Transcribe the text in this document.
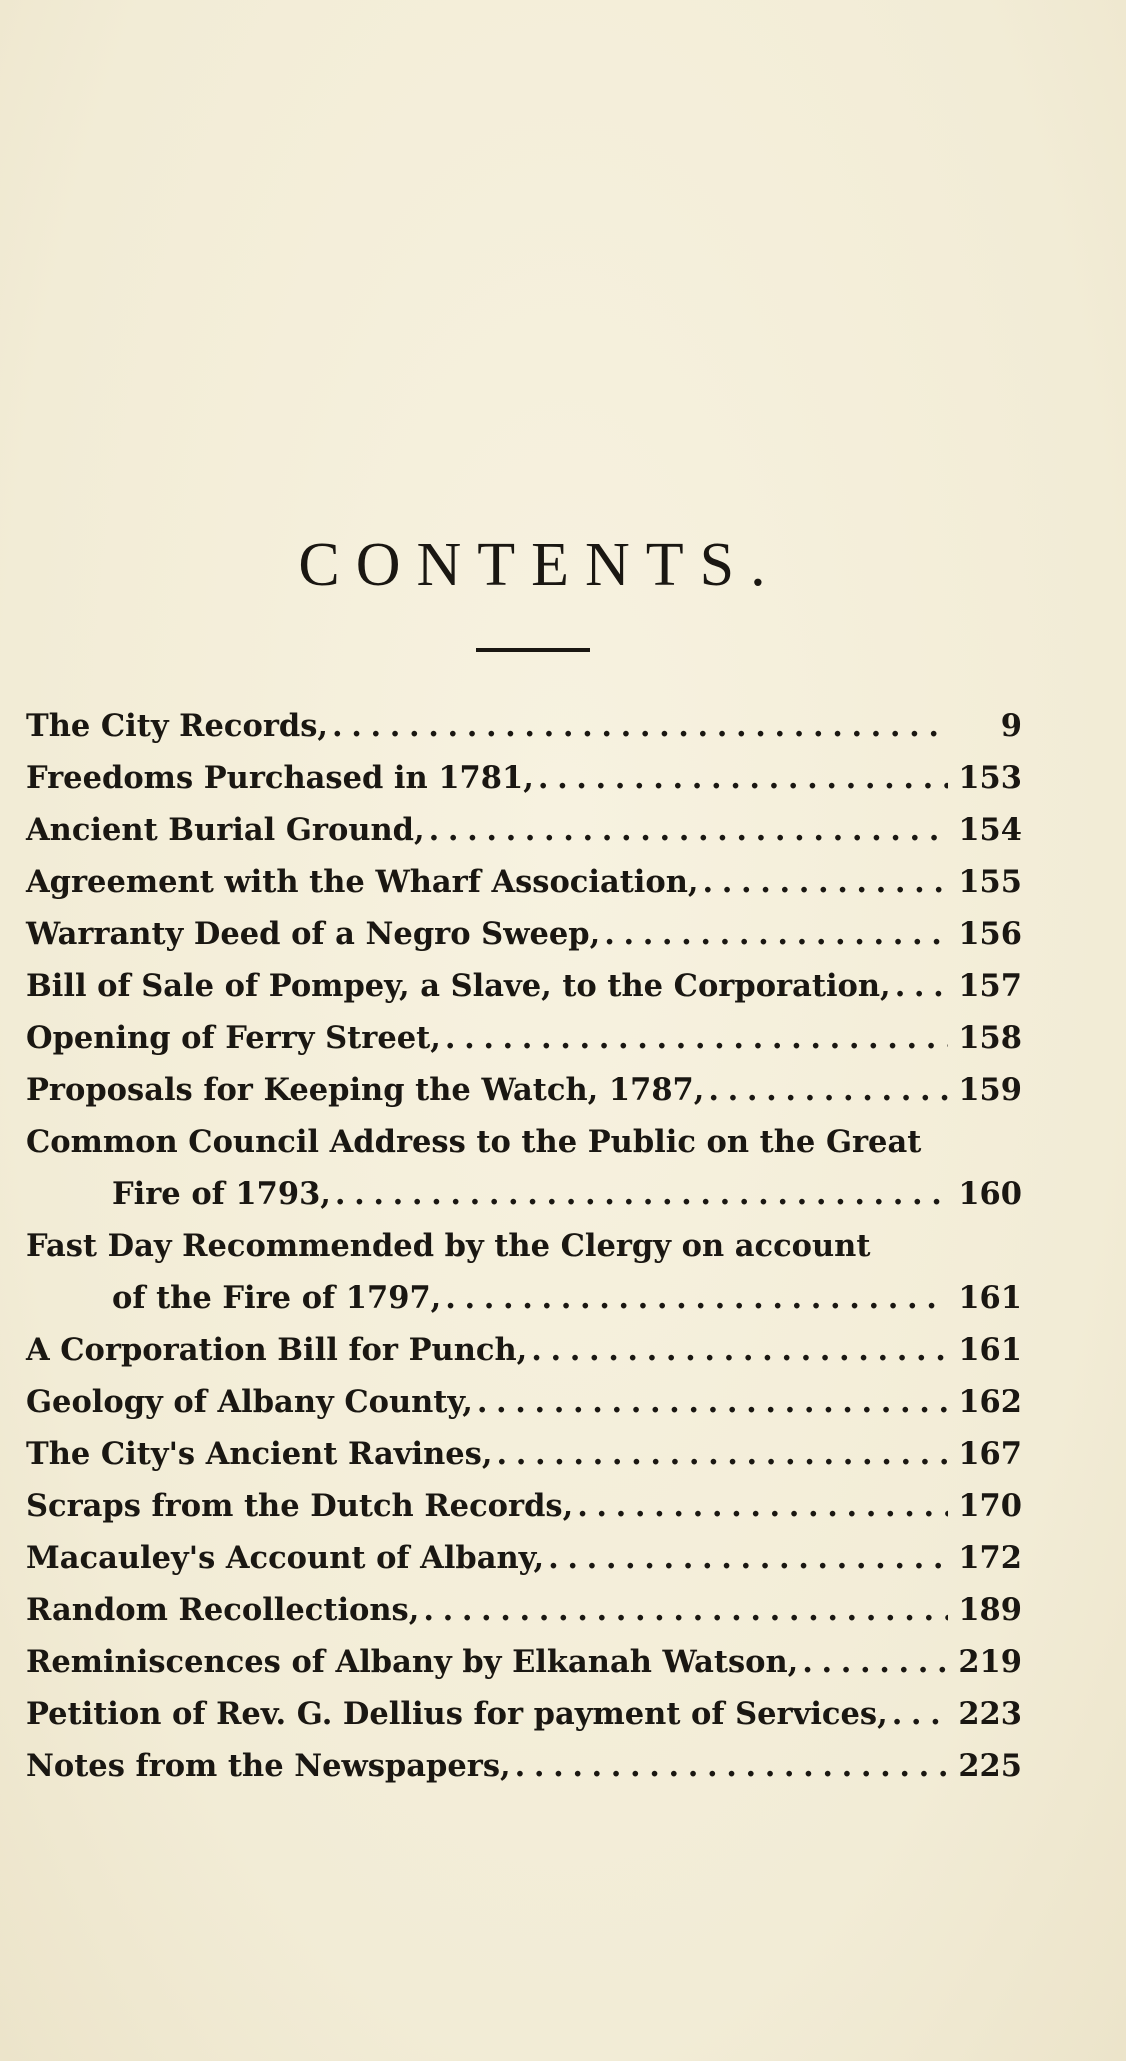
CONTENTS.
The City Records, . . .	9
Freedoms Purchased in 1781, . . .	153
Ancient Burial Ground, . . .	154
Agreement with the Wharf Association, . . .	155
Warranty Deed of a Negro Sweep, . . .	156
Bill of Sale of Pompey, a Slave, to the Corporation, . . . 157
Opening of Ferry Street, . . .	158
Proposals for Keeping the Watch, 1787, . . .	159
Common Council Address to the Public on the Great
Fire of 1793, . . .	160
Fast Day Recommended by the Clergy on account
of the Fire of 1797, . . .	161
A Corporation Bill for Punch, . . .	161
Geology of Albany County, . . .	162
The City's Ancient Ravines, . . .	167
Scraps from the Dutch Records, . . .	170
Macauley's Account of Albany, . . .	172
Random Recollections, . . .	189
Reminiscences of Albany by Elkanah Watson, . . .	219
Petition of Rev. G. Dellius for payment of Services, . . . 223
Notes from the Newspapers, . . .	225
